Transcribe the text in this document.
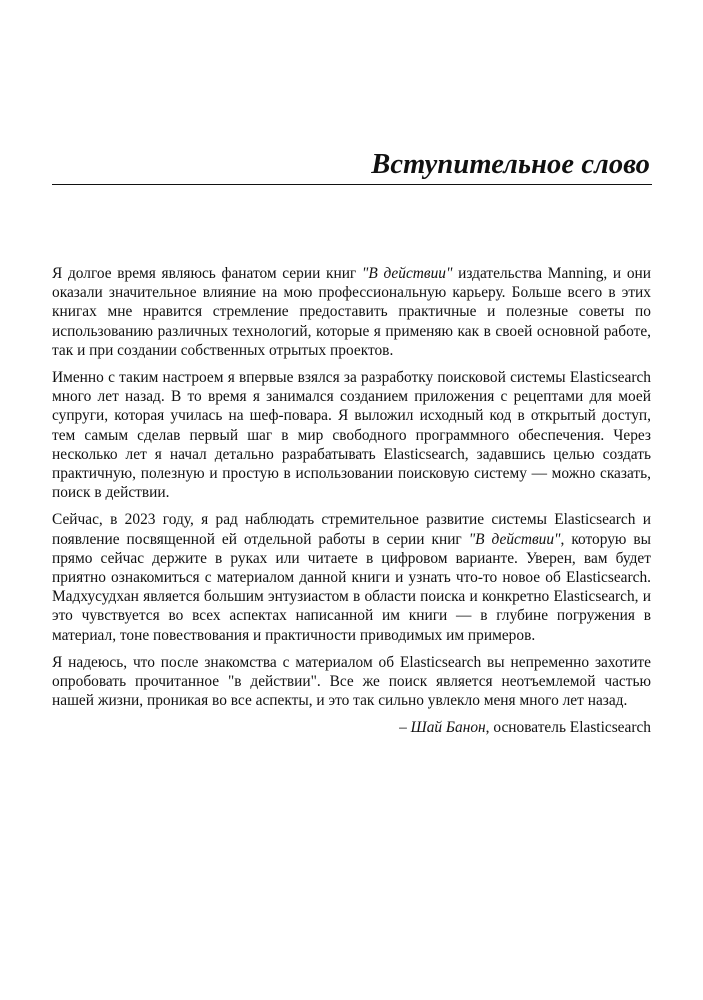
Вступительное слово

Я долгое время являюсь фанатом серии книг "В действии" издательства Manning, и они оказали значительное влияние на мою профессиональную карьеру. Больше всего в этих книгах мне нравится стремление предоставить практичные и полезные советы по использованию различных технологий, которые я применяю как в своей основной работе, так и при создании собственных отрытых проектов.

Именно с таким настроем я впервые взялся за разработку поисковой системы Elasticsearch много лет назад. В то время я занимался созданием приложения с рецептами для моей супруги, которая училась на шеф-повара. Я выложил исходный код в открытый доступ, тем самым сделав первый шаг в мир свободного программного обеспечения. Через несколько лет я начал детально разрабатывать Elasticsearch, задавшись целью создать практичную, полезную и простую в использовании поисковую систему — можно сказать, поиск в действии.

Сейчас, в 2023 году, я рад наблюдать стремительное развитие системы Elasticsearch и появление посвященной ей отдельной работы в серии книг "В действии", которую вы прямо сейчас держите в руках или читаете в цифровом варианте. Уверен, вам будет приятно ознакомиться с материалом данной книги и узнать что-то новое об Elasticsearch. Мадхусудхан является большим энтузиастом в области поиска и конкретно Elasticsearch, и это чувствуется во всех аспектах написанной им книги — в глубине погружения в материал, тоне повествования и практичности приводимых им примеров.

Я надеюсь, что после знакомства с материалом об Elasticsearch вы непременно захотите опробовать прочитанное "в действии". Все же поиск является неотъемлемой частью нашей жизни, проникая во все аспекты, и это так сильно увлекло меня много лет назад.

– Шай Банон, основатель Elasticsearch
